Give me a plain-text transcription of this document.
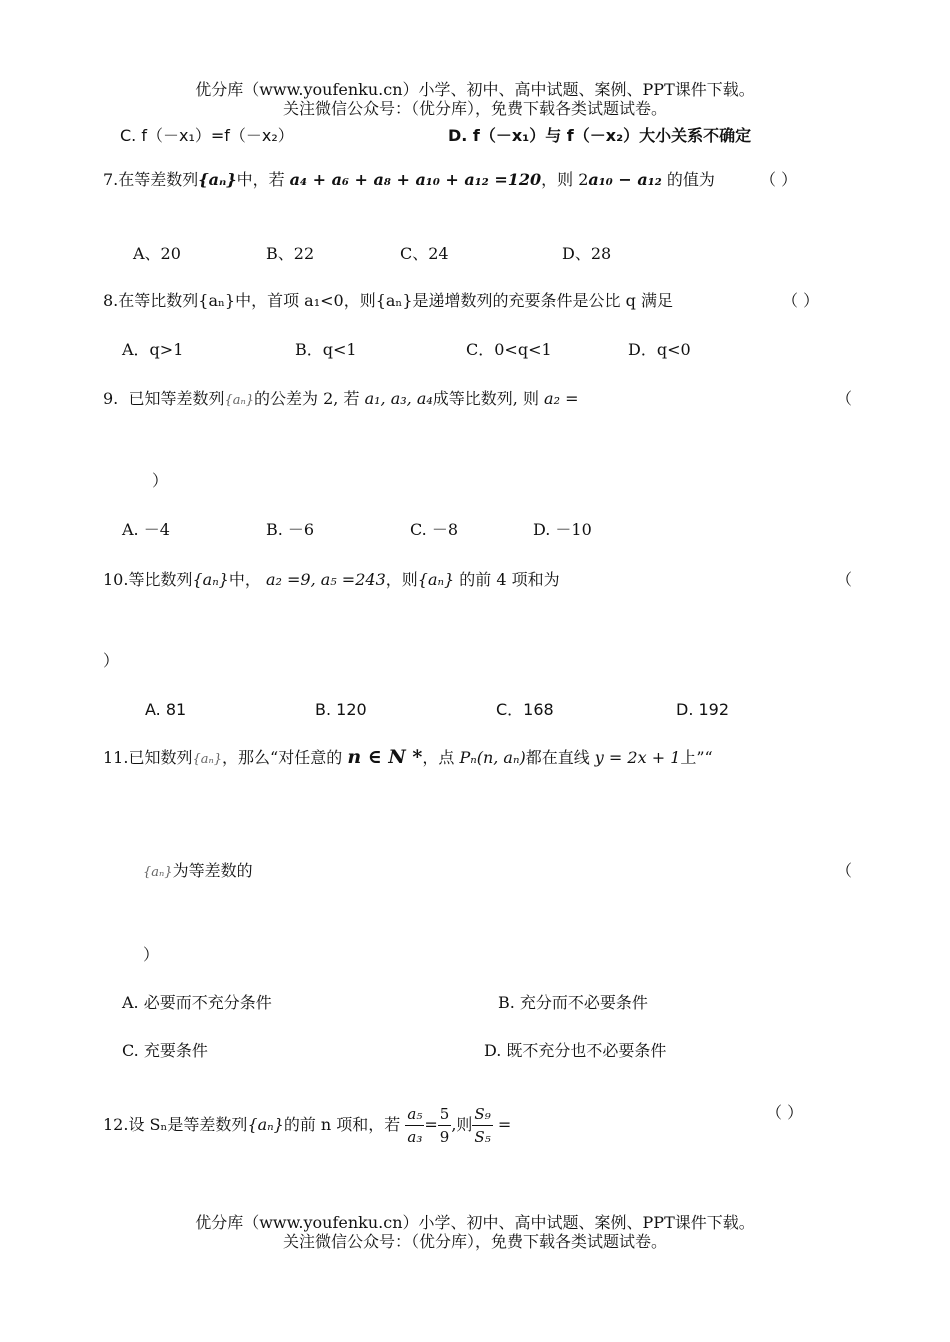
优分库（www.youfenku.cn）小学、初中、高中试题、案例、PPT课件下载。
关注微信公众号：（优分库），免费下载各类试题试卷。
C. f（－x₁）=f（－x₂）	D. f（－x₁）与 f（－x₂）大小关系不确定
7.在等差数列{aₙ}中，若 a₄ + a₆ + a₈ + a₁₀ + a₁₂ =120，则 2a₁₀ − a₁₂ 的值为	（ ）
A、20	B、22	C、24	D、28
8.在等比数列{aₙ}中，首项 a₁<0，则{aₙ}是递增数列的充要条件是公比 q 满足	（ ）
A．q>1	B．q<1	C．0<q<1	D．q<0
9. 已知等差数列{aₙ}的公差为 2, 若 a₁, a₃, a₄成等比数列, 则 a₂ =	（
）
A. －4	B. －6	C. －8	D. －10
10.等比数列{aₙ}中， a₂ =9, a₅ =243，则{aₙ} 的前 4 项和为	（
）
A. 81	B. 120	C．168	D. 192
11.已知数列{aₙ}，那么“对任意的 n ∈ N *，点 Pₙ(n, aₙ)都在直线 y = 2x + 1上”“
{aₙ}为等差数的	（
）
A. 必要而不充分条件	B. 充分而不必要条件
C. 充要条件	D. 既不充分也不必要条件
12.设 Sₙ是等差数列{aₙ}的前 n 项和，若 $\frac{\text{a₅}}{\text{a₃}} = \frac{5}{9}$ ,则 $\frac{\text{S₉}}{\text{S₅}}$ =
（ ）
优分库（www.youfenku.cn）小学、初中、高中试题、案例、PPT课件下载。
关注微信公众号：（优分库），免费下载各类试题试卷。
